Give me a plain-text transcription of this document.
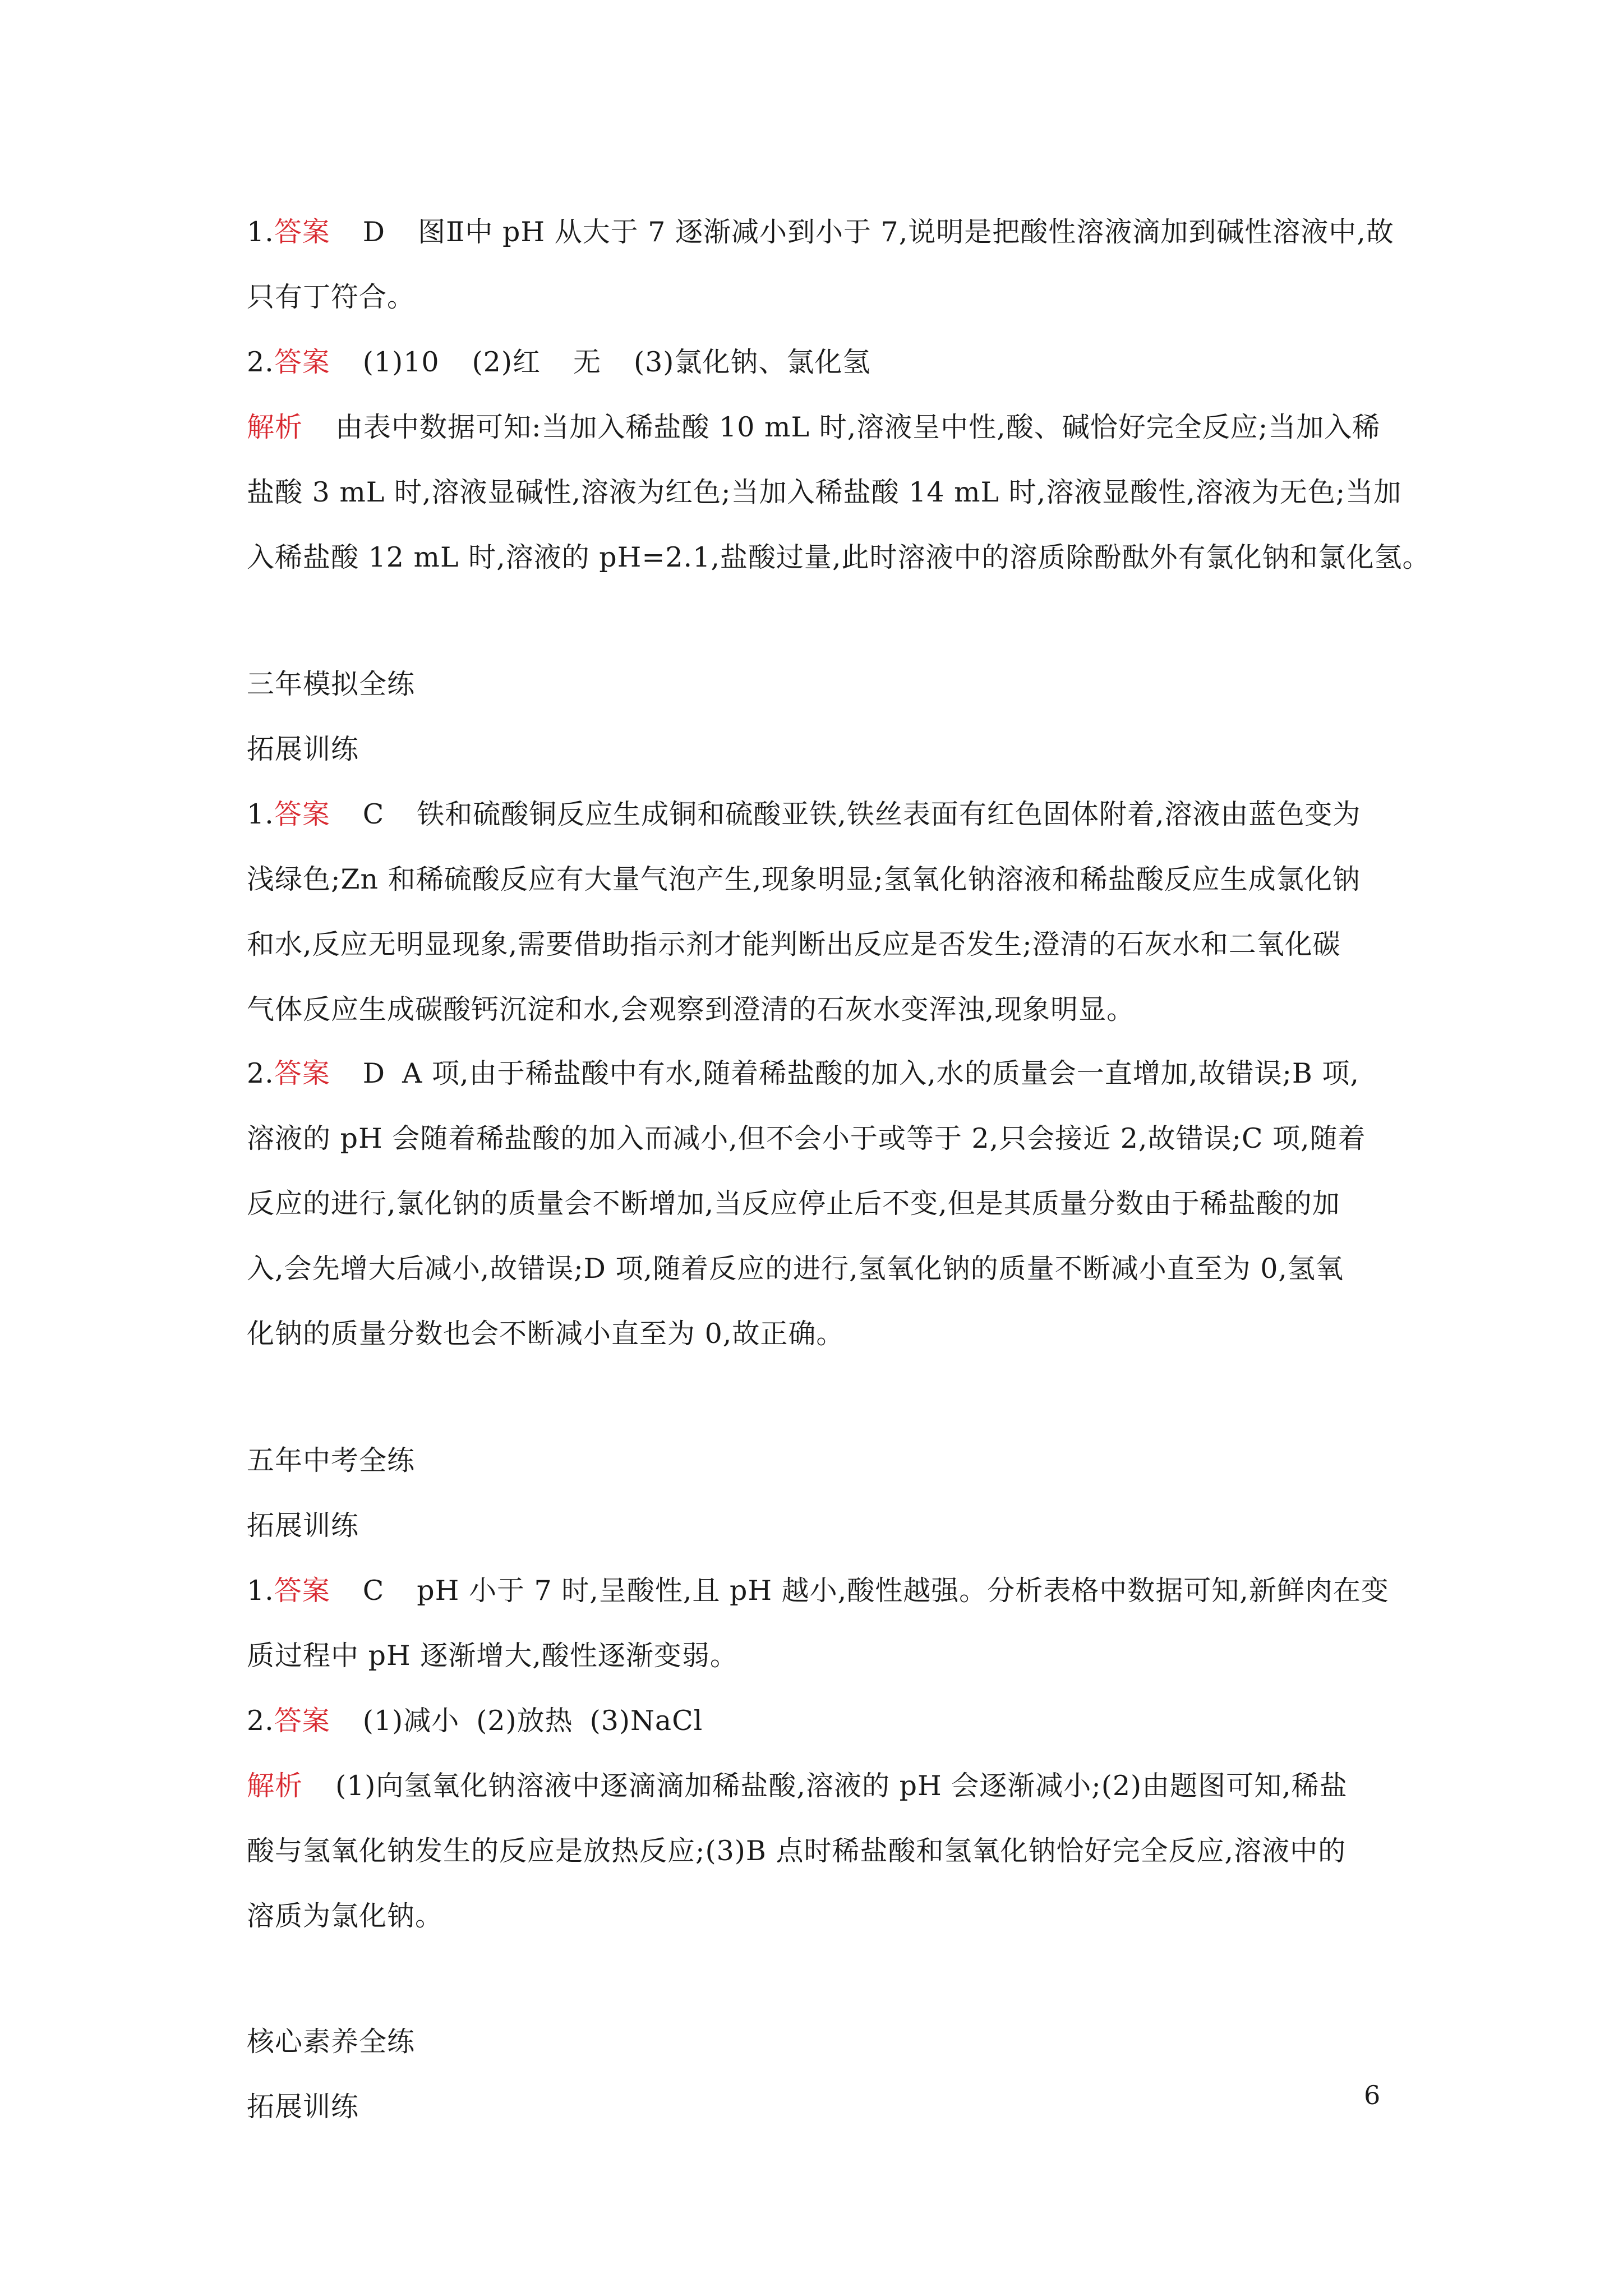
1.答案 D 图Ⅱ中 pH 从大于 7 逐渐减小到小于 7,说明是把酸性溶液滴加到碱性溶液中,故
只有丁符合。
2.答案 (1)10 (2)红 无 (3)氯化钠、氯化氢
解析 由表中数据可知:当加入稀盐酸 10 mL 时,溶液呈中性,酸、碱恰好完全反应;当加入稀
盐酸 3 mL 时,溶液显碱性,溶液为红色;当加入稀盐酸 14 mL 时,溶液显酸性,溶液为无色;当加
入稀盐酸 12 mL 时,溶液的 pH=2.1,盐酸过量,此时溶液中的溶质除酚酞外有氯化钠和氯化氢。
三年模拟全练
拓展训练
1.答案 C 铁和硫酸铜反应生成铜和硫酸亚铁,铁丝表面有红色固体附着,溶液由蓝色变为
浅绿色;Zn 和稀硫酸反应有大量气泡产生,现象明显;氢氧化钠溶液和稀盐酸反应生成氯化钠
和水,反应无明显现象,需要借助指示剂才能判断出反应是否发生;澄清的石灰水和二氧化碳
气体反应生成碳酸钙沉淀和水,会观察到澄清的石灰水变浑浊,现象明显。
2.答案 D A 项,由于稀盐酸中有水,随着稀盐酸的加入,水的质量会一直增加,故错误;B 项,
溶液的 pH 会随着稀盐酸的加入而减小,但不会小于或等于 2,只会接近 2,故错误;C 项,随着
反应的进行,氯化钠的质量会不断增加,当反应停止后不变,但是其质量分数由于稀盐酸的加
入,会先增大后减小,故错误;D 项,随着反应的进行,氢氧化钠的质量不断减小直至为 0,氢氧
化钠的质量分数也会不断减小直至为 0,故正确。
五年中考全练
拓展训练
1.答案 C pH 小于 7 时,呈酸性,且 pH 越小,酸性越强。分析表格中数据可知,新鲜肉在变
质过程中 pH 逐渐增大,酸性逐渐变弱。
2.答案 (1)减小 (2)放热 (3)NaCl
解析 (1)向氢氧化钠溶液中逐滴滴加稀盐酸,溶液的 pH 会逐渐减小;(2)由题图可知,稀盐
酸与氢氧化钠发生的反应是放热反应;(3)B 点时稀盐酸和氢氧化钠恰好完全反应,溶液中的
溶质为氯化钠。
核心素养全练
拓展训练	6
